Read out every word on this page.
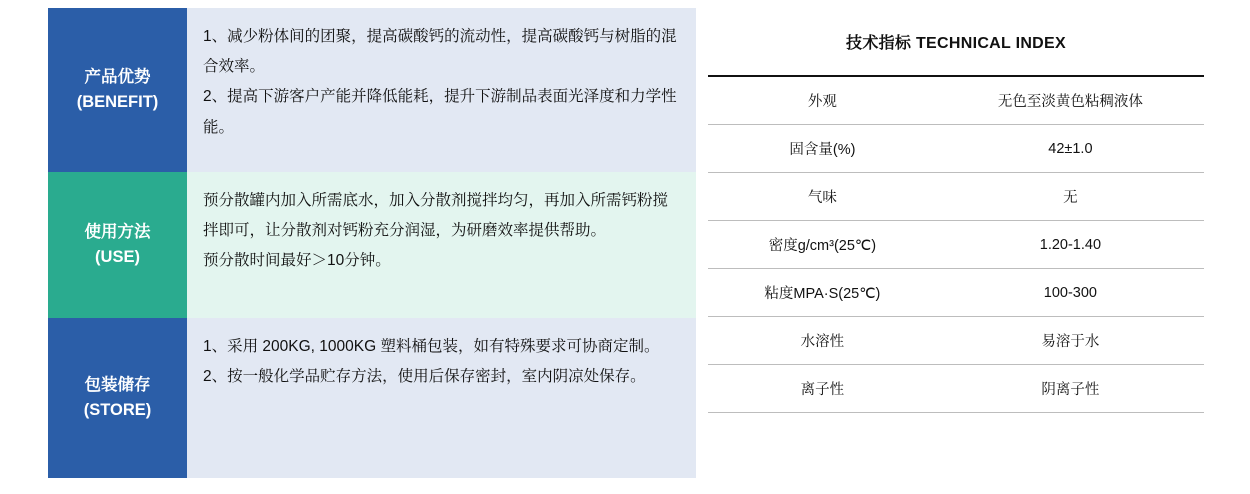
产品优势
(BENEFIT)

1、减少粉体间的团聚，提高碳酸钙的流动性，提高碳酸钙与树脂的混合效率。

2、提高下游客户产能并降低能耗，提升下游制品表面光泽度和力学性能。

使用方法
(USE)

预分散罐内加入所需底水，加入分散剂搅拌均匀，再加入所需钙粉搅拌即可，让分散剂对钙粉充分润湿，为研磨效率提供帮助。

预分散时间最好＞10分钟。

包装储存
(STORE)

1、采用 200KG, 1000KG 塑料桶包装，如有特殊要求可协商定制。

2、按一般化学品贮存方法，使用后保存密封，室内阴凉处保存。

技术指标 TECHNICAL INDEX
外观	无色至淡黄色粘稠液体
固含量(%)	42±1.0
气味	无
密度g/cm³(25℃)	1.20-1.40
粘度MPA·S(25℃)	100-300
水溶性	易溶于水
离子性	阴离子性
